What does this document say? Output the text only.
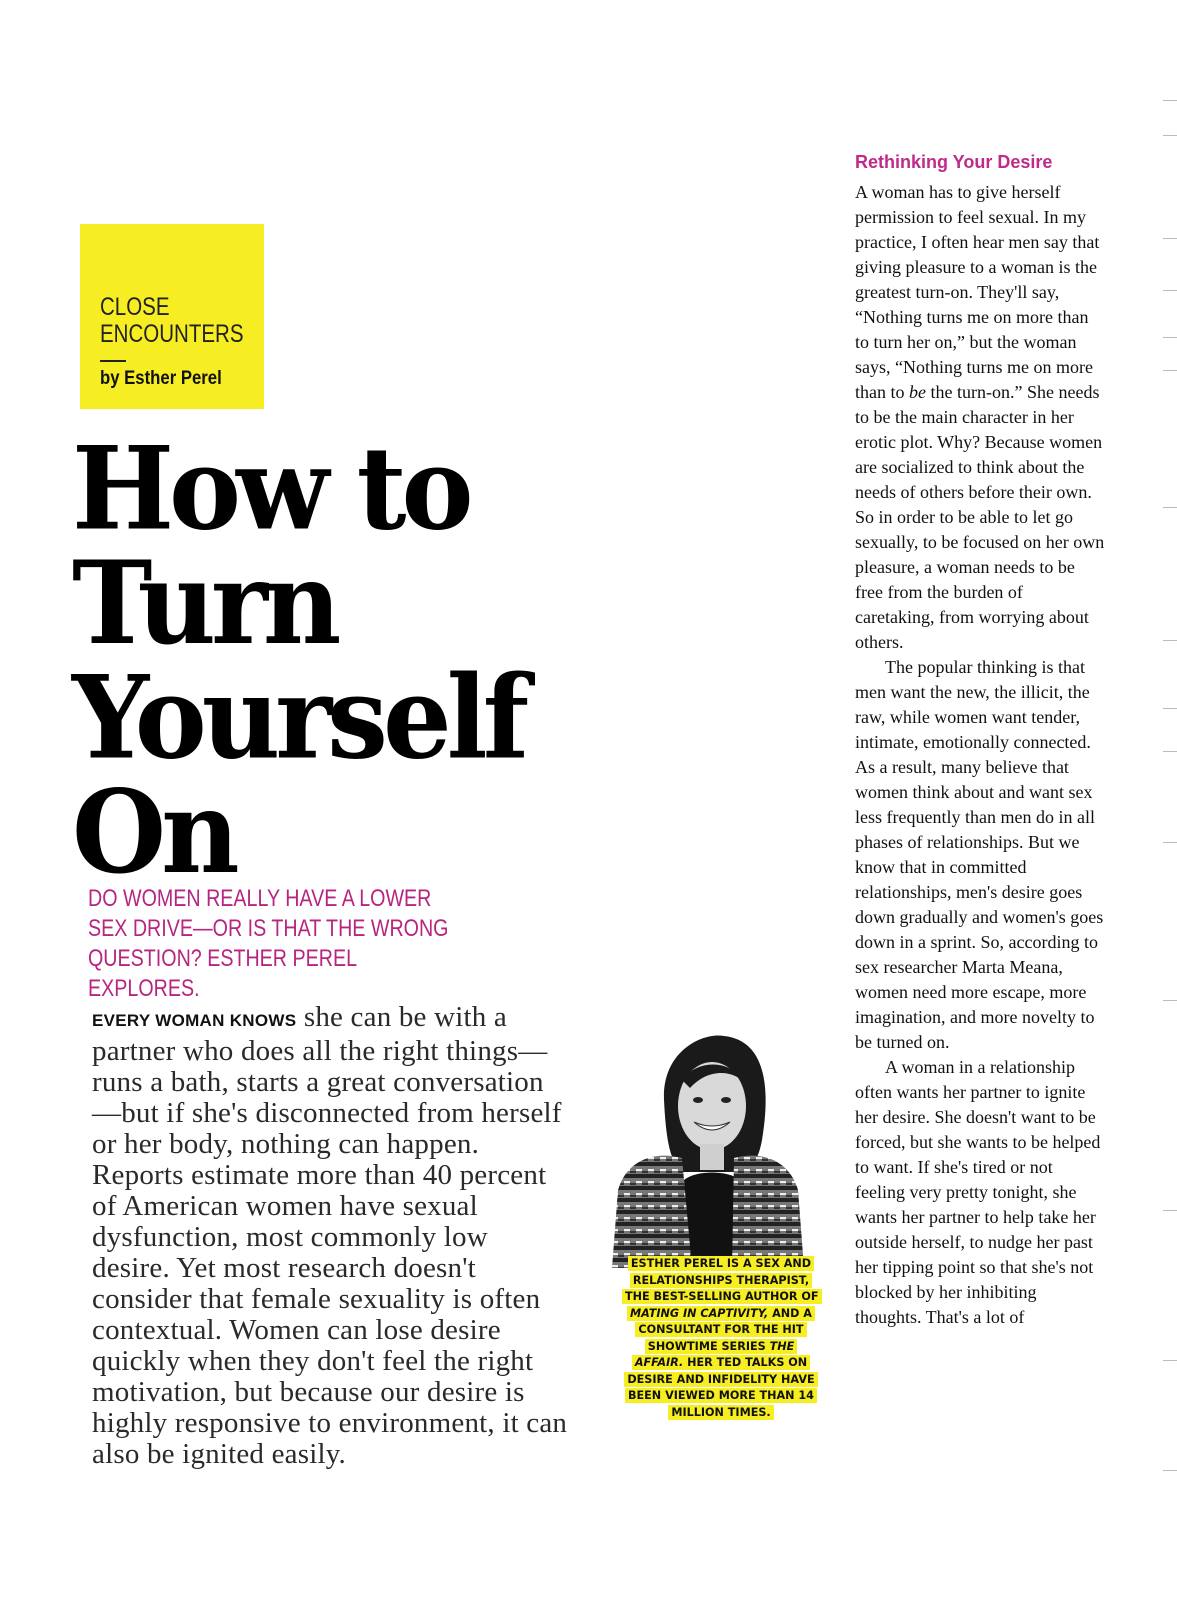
CLOSE ENCOUNTERS
by Esther Perel
How to
Turn
Yourself
On
DO WOMEN REALLY HAVE A LOWER SEX DRIVE—OR IS THAT THE WRONG QUESTION? ESTHER PEREL EXPLORES.
EVERY WOMAN KNOWS she can be with a partner who does all the right things—runs a bath, starts a great conversation—but if she's disconnected from herself or her body, nothing can happen. Reports estimate more than 40 percent of American women have sexual dysfunction, most commonly low desire. Yet most research doesn't consider that female sexuality is often contextual. Women can lose desire quickly when they don't feel the right motivation, but because our desire is highly responsive to environment, it can also be ignited easily.
ESTHER PEREL IS A SEX AND RELATIONSHIPS THERAPIST, THE BEST-SELLING AUTHOR OF MATING IN CAPTIVITY, AND A CONSULTANT FOR THE HIT SHOWTIME SERIES THE AFFAIR. HER TED TALKS ON DESIRE AND INFIDELITY HAVE BEEN VIEWED MORE THAN 14 MILLION TIMES.
Rethinking Your Desire

A woman has to give herself permission to feel sexual. In my practice, I often hear men say that giving pleasure to a woman is the greatest turn-on. They'll say, “Nothing turns me on more than to turn her on,” but the woman says, “Nothing turns me on more than to be the turn-on.” She needs to be the main character in her erotic plot. Why? Because women are socialized to think about the needs of others before their own. So in order to be able to let go sexually, to be focused on her own pleasure, a woman needs to be free from the burden of caretaking, from worrying about others.

The popular thinking is that men want the new, the illicit, the raw, while women want tender, intimate, emotionally connected. As a result, many believe that women think about and want sex less frequently than men do in all phases of relationships. But we know that in committed relationships, men's desire goes down gradually and women's goes down in a sprint. So, according to sex researcher Marta Meana, women need more escape, more imagination, and more novelty to be turned on.

A woman in a relationship often wants her partner to ignite her desire. She doesn't want to be forced, but she wants to be helped to want. If she's tired or not feeling very pretty tonight, she wants her partner to help take her outside herself, to nudge her past her tipping point so that she's not blocked by her inhibiting thoughts. That's a lot of
